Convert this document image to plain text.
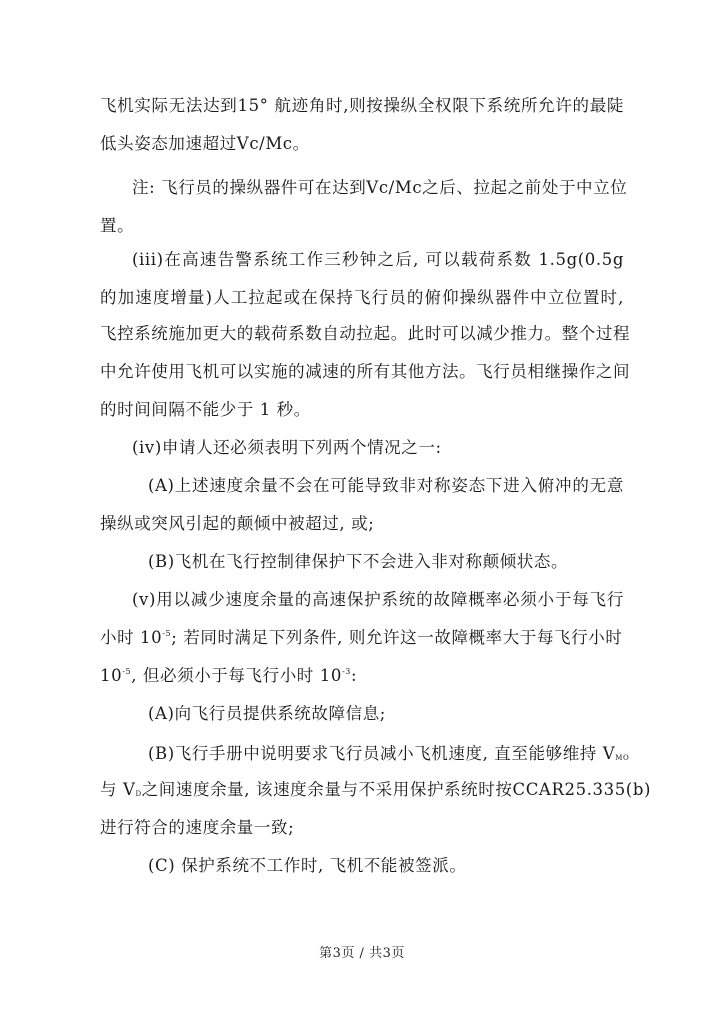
飞机实际无法达到15° 航迹角时,则按操纵全权限下系统所允许的最陡
低头姿态加速超过Vc/Mc。
注: 飞行员的操纵器件可在达到Vc/Mc之后、拉起之前处于中立位
置。
(iii)在高速告警系统工作三秒钟之后, 可以载荷系数 1.5g(0.5g
的加速度增量)人工拉起或在保持飞行员的俯仰操纵器件中立位置时,
飞控系统施加更大的载荷系数自动拉起。此时可以减少推力。整个过程
中允许使用飞机可以实施的减速的所有其他方法。飞行员相继操作之间
的时间间隔不能少于 1 秒。
(iv)申请人还必须表明下列两个情况之一:
(A)上述速度余量不会在可能导致非对称姿态下进入俯冲的无意
操纵或突风引起的颠倾中被超过, 或;
(B)飞机在飞行控制律保护下不会进入非对称颠倾状态。
(v)用以减少速度余量的高速保护系统的故障概率必须小于每飞行
小时 $10^{-5}$; 若同时满足下列条件, 则允许这一故障概率大于每飞行小时
$10^{-5}$, 但必须小于每飞行小时 $10^{-3}$:
(A)向飞行员提供系统故障信息;
(B)飞行手册中说明要求飞行员减小飞机速度, 直至能够维持 $V_{MO}$
与 $V_D$之间速度余量, 该速度余量与不采用保护系统时按CCAR25.335(b)
进行符合的速度余量一致;
(C) 保护系统不工作时, 飞机不能被签派。
第3页 / 共3页
